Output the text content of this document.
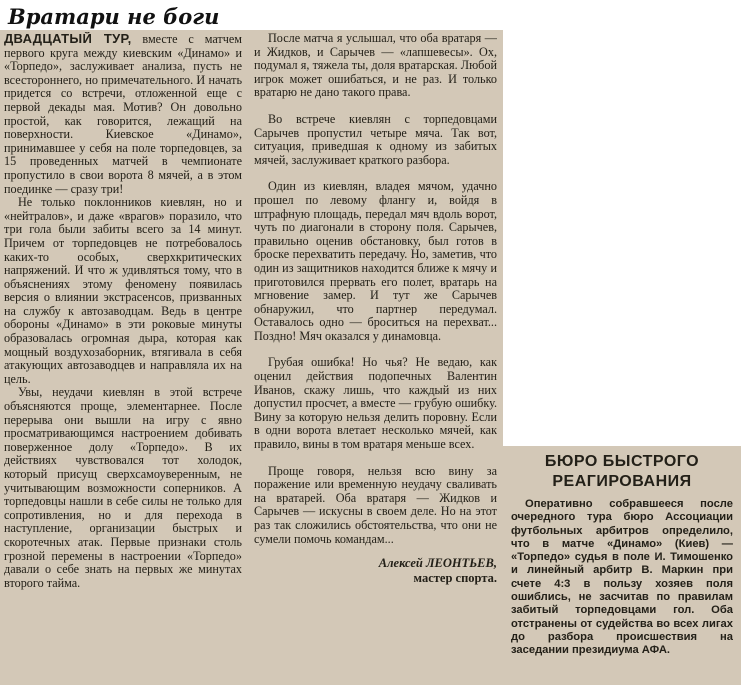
Вратари не боги

ДВАДЦАТЫЙ ТУР, вместе с матчем первого круга между киевским «Динамо» и «Торпедо», заслуживает анализа, пусть не всестороннего, но примечательного. И начать придется со встречи, отложенной еще с первой декады мая. Мотив? Он довольно простой, как говорится, лежащий на поверхности. Киевское «Динамо», принимавшее у себя на поле торпедовцев, за 15 проведенных матчей в чемпионате пропустило в свои ворота 8 мячей, а в этом поединке — сразу три!

Не только поклонников киевлян, но и «нейтралов», и даже «врагов» поразило, что три гола были забиты всего за 14 минут. Причем от торпедовцев не потребовалось каких-то особых, сверхкритических напряжений. И что ж удивляться тому, что в объяснениях этому феномену появилась версия о влиянии экстрасенсов, призванных на службу к автозаводцам. Ведь в центре обороны «Динамо» в эти роковые минуты образовалась огромная дыра, которая как мощный воздухозаборник, втягивала в себя атакующих автозаводцев и направляла их на цель.

Увы, неудачи киевлян в этой встрече объясняются проще, элементарнее. После перерыва они вышли на игру с явно просматривающимся настроением добивать поверженное долу «Торпедо». В их действиях чувствовался тот холодок, который присущ сверхсамоуверенным, не учитывающим возможности соперников. А торпедовцы нашли в себе силы не только для сопротивления, но и для перехода в наступление, организации быстрых и скоротечных атак. Первые признаки столь грозной перемены в настроении «Торпедо» давали о себе знать на первых же минутах второго тайма.

После матча я услышал, что оба вратаря — и Жидков, и Сарычев — «лапшевесы». Ох, подумал я, тяжела ты, доля вратарская. Любой игрок может ошибаться, и не раз. И только вратарю не дано такого права.

Во встрече киевлян с торпедовцами Сарычев пропустил четыре мяча. Так вот, ситуация, приведшая к одному из забитых мячей, заслуживает краткого разбора.

Один из киевлян, владея мячом, удачно прошел по левому флангу и, войдя в штрафную площадь, передал мяч вдоль ворот, чуть по диагонали в сторону поля. Сарычев, правильно оценив обстановку, был готов в броске перехватить передачу. Но, заметив, что один из защитников находится ближе к мячу и приготовился прервать его полет, вратарь на мгновение замер. И тут же Сарычев обнаружил, что партнер передумал. Оставалось одно — броситься на перехват... Поздно! Мяч оказался у динамовца.

Грубая ошибка! Но чья? Не ведаю, как оценил действия подопечных Валентин Иванов, скажу лишь, что каждый из них допустил просчет, а вместе — грубую ошибку. Вину за которую нельзя делить поровну. Если в одни ворота влетает несколько мячей, как правило, вины в том вратаря меньше всех.

Проще говоря, нельзя всю вину за поражение или временную неудачу сваливать на вратарей. Оба вратаря — Жидков и Сарычев — искусны в своем деле. Но на этот раз так сложились обстоятельства, что они не сумели помочь командам...

Алексей ЛЕОНТЬЕВ,
мастер спорта.
БЮРО БЫСТРОГО
РЕАГИРОВАНИЯ

Оперативно собравшееся после очередного тура бюро Ассоциации футбольных арбитров определило, что в матче «Динамо» (Киев) — «Торпедо» судья в поле И. Тимошенко и линейный арбитр В. Маркин при счете 4:3 в пользу хозяев поля ошиблись, не засчитав по правилам забитый торпедовцами гол. Оба отстранены от судейства во всех лигах до разбора происшествия на заседании президиума АФА.
